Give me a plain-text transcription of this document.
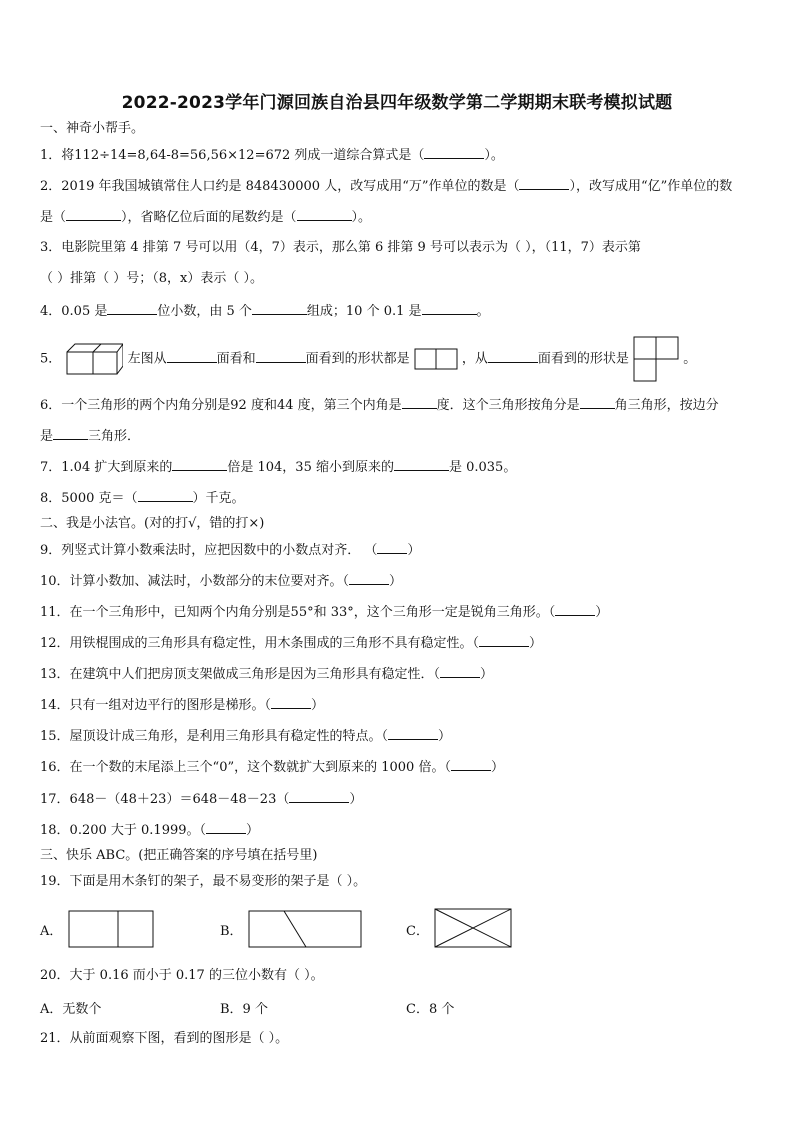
2022-2023学年门源回族自治县四年级数学第二学期期末联考模拟试题
一、神奇小帮手。
1．将112÷14=8,64-8=56,56×12=672 列成一道综合算式是（	）。
2．2019 年我国城镇常住人口约是 848430000 人，改写成用“万”作单位的数是（	），改写成用“亿”作单位的数
是（	），省略亿位后面的尾数约是（	）。
3．电影院里第 4 排第 7 号可以用（4，7）表示，那么第 6 排第 9 号可以表示为（ ），（11，7）表示第
（ ）排第（ ）号；（8，x）表示（ ）。
4．0.05 是	位小数，由 5 个	组成；10 个 0.1 是	。
5．	左图从	面看和	面看到的形状都是	，从	面看到的形状是	。
6．一个三角形的两个内角分别是92 度和44 度，第三个内角是	度．这个三角形按角分是	角三角形，按边分
是	三角形．
7．1.04 扩大到原来的	倍是 104，35 缩小到原来的	是 0.035。
8．5000 克＝（	）千克。
二、我是小法官。(对的打√，错的打×)
9．列竖式计算小数乘法时，应把因数中的小数点对齐． （ ）
10．计算小数加、减法时，小数部分的末位要对齐。（	）
11．在一个三角形中，已知两个内角分别是55°和 33°，这个三角形一定是锐角三角形。（	）
12．用铁棍围成的三角形具有稳定性，用木条围成的三角形不具有稳定性。（	）
13．在建筑中人们把房顶支架做成三角形是因为三角形具有稳定性．（	）
14．只有一组对边平行的图形是梯形。（	）
15．屋顶设计成三角形，是利用三角形具有稳定性的特点。（	）
16．在一个数的末尾添上三个“0”，这个数就扩大到原来的 1000 倍。（	）
17．648－（48＋23）＝648－48－23（	）
18．0.200 大于 0.1999。（	）
三、快乐 ABC。(把正确答案的序号填在括号里)
19．下面是用木条钉的架子，最不易变形的架子是（ ）。
A．	B．	C．
20．大于 0.16 而小于 0.17 的三位小数有（ ）。
A．无数个	B．9 个	C．8 个
21．从前面观察下图，看到的图形是（ ）。
